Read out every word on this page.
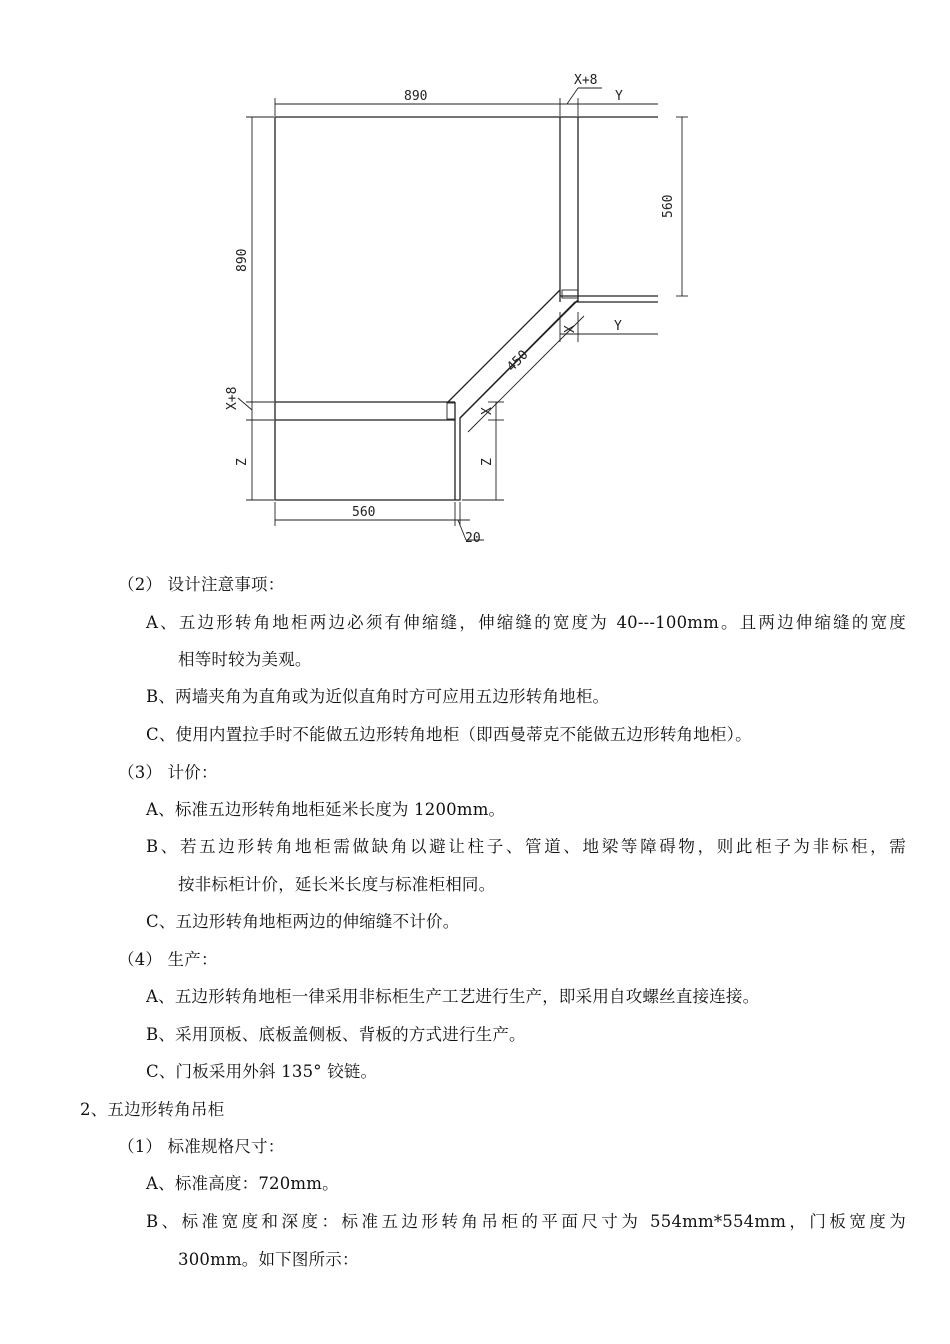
890
X+8
Y
560
890
X+8
Z
450
X	Y
X
Z
560
20
（2） 设计注意事项：
A、五边形转角地柜两边必须有伸缩缝，伸缩缝的宽度为 40---100mm。且两边伸缩缝的宽度
相等时较为美观。
B、两墙夹角为直角或为近似直角时方可应用五边形转角地柜。
C、使用内置拉手时不能做五边形转角地柜（即西曼蒂克不能做五边形转角地柜）。
（3） 计价：
A、标准五边形转角地柜延米长度为 1200mm。
B、若五边形转角地柜需做缺角以避让柱子、管道、地梁等障碍物，则此柜子为非标柜，需
按非标柜计价，延长米长度与标准柜相同。
C、五边形转角地柜两边的伸缩缝不计价。
（4） 生产：
A、五边形转角地柜一律采用非标柜生产工艺进行生产，即采用自攻螺丝直接连接。
B、采用顶板、底板盖侧板、背板的方式进行生产。
C、门板采用外斜 135° 铰链。
2、五边形转角吊柜
（1） 标准规格尺寸：
A、标准高度：720mm。
B、标准宽度和深度：标准五边形转角吊柜的平面尺寸为 554mm*554mm，门板宽度为
300mm。如下图所示：
